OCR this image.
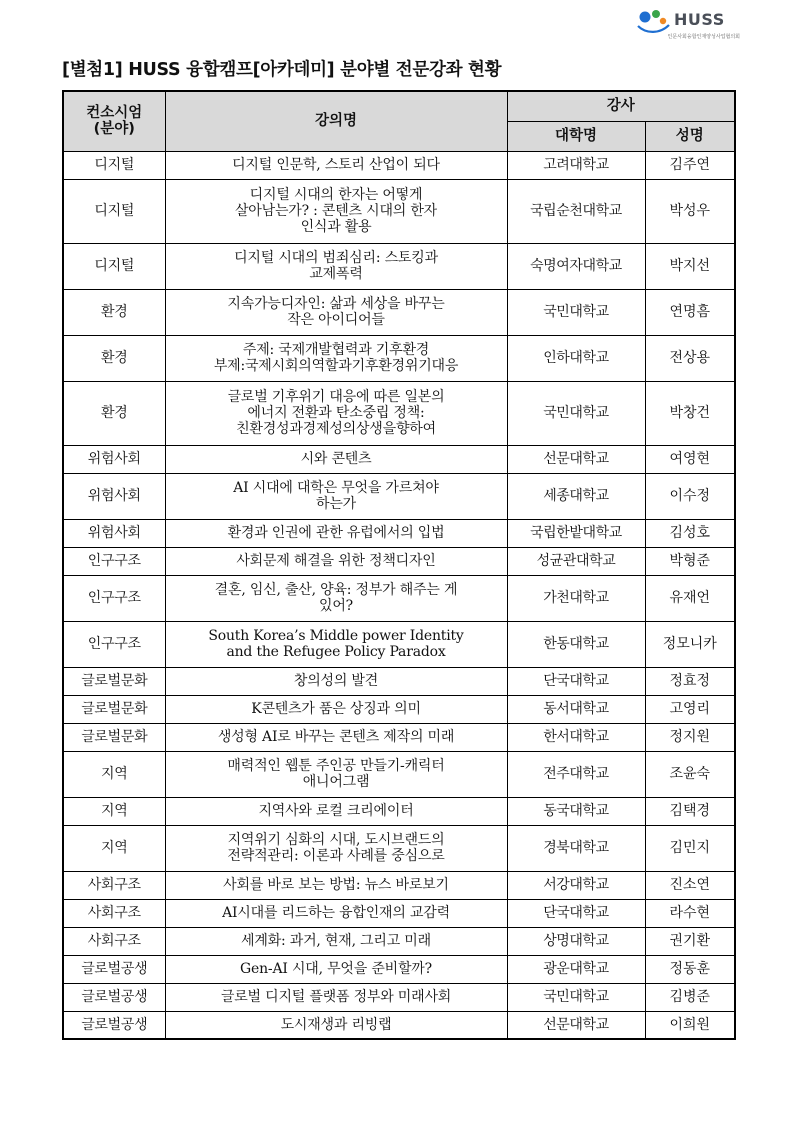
HUSS
인문사회융합인재양성사업협의회
[별첨1] HUSS 융합캠프[아카데미] 분야별 전문강좌 현황
컨소시엄
(분야)	강의명	강사	
		대학명	성명
디지털	디지털 인문학, 스토리 산업이 되다	고려대학교	김주연
디지털	디지털 시대의 한자는 어떻게
살아남는가? : 콘텐츠 시대의 한자
인식과 활용	국립순천대학교	박성우
디지털	디지털 시대의 범죄심리: 스토킹과
교제폭력	숙명여자대학교	박지선
환경	지속가능디자인: 삶과 세상을 바꾸는
작은 아이디어들	국민대학교	연명흠
환경	주제: 국제개발협력과 기후환경
부제:국제시회의역할과기후환경위기대응	인하대학교	전상용
환경	글로벌 기후위기 대응에 따른 일본의
에너지 전환과 탄소중립 정책:
친환경성과경제성의상생을향하여	국민대학교	박창건
위험사회	시와 콘텐츠	선문대학교	여영현
위험사회	AI 시대에 대학은 무엇을 가르쳐야
하는가	세종대학교	이수정
위험사회	환경과 인권에 관한 유럽에서의 입법	국립한밭대학교	김성호
인구구조	사회문제 해결을 위한 정책디자인	성균관대학교	박형준
인구구조	결혼, 임신, 출산, 양육: 정부가 해주는 게
있어?	가천대학교	유재언
인구구조	South Korea’s Middle power Identity
and the Refugee Policy Paradox	한동대학교	정모니카
글로벌문화	창의성의 발견	단국대학교	정효정
글로벌문화	K콘텐츠가 품은 상징과 의미	동서대학교	고영리
글로벌문화	생성형 AI로 바꾸는 콘텐츠 제작의 미래	한서대학교	정지원
지역	매력적인 웹툰 주인공 만들기-캐릭터
애니어그램	전주대학교	조윤숙
지역	지역사와 로컬 크리에이터	동국대학교	김택경
지역	지역위기 심화의 시대, 도시브랜드의
전략적관리: 이론과 사례를 중심으로	경북대학교	김민지
사회구조	사회를 바로 보는 방법: 뉴스 바로보기	서강대학교	진소연
사회구조	AI시대를 리드하는 융합인재의 교감력	단국대학교	라수현
사회구조	세계화: 과거, 현재, 그리고 미래	상명대학교	권기환
글로벌공생	Gen-AI 시대, 무엇을 준비할까?	광운대학교	정동훈
글로벌공생	글로벌 디지털 플랫폼 정부와 미래사회	국민대학교	김병준
글로벌공생	도시재생과 리빙랩	선문대학교	이희원
